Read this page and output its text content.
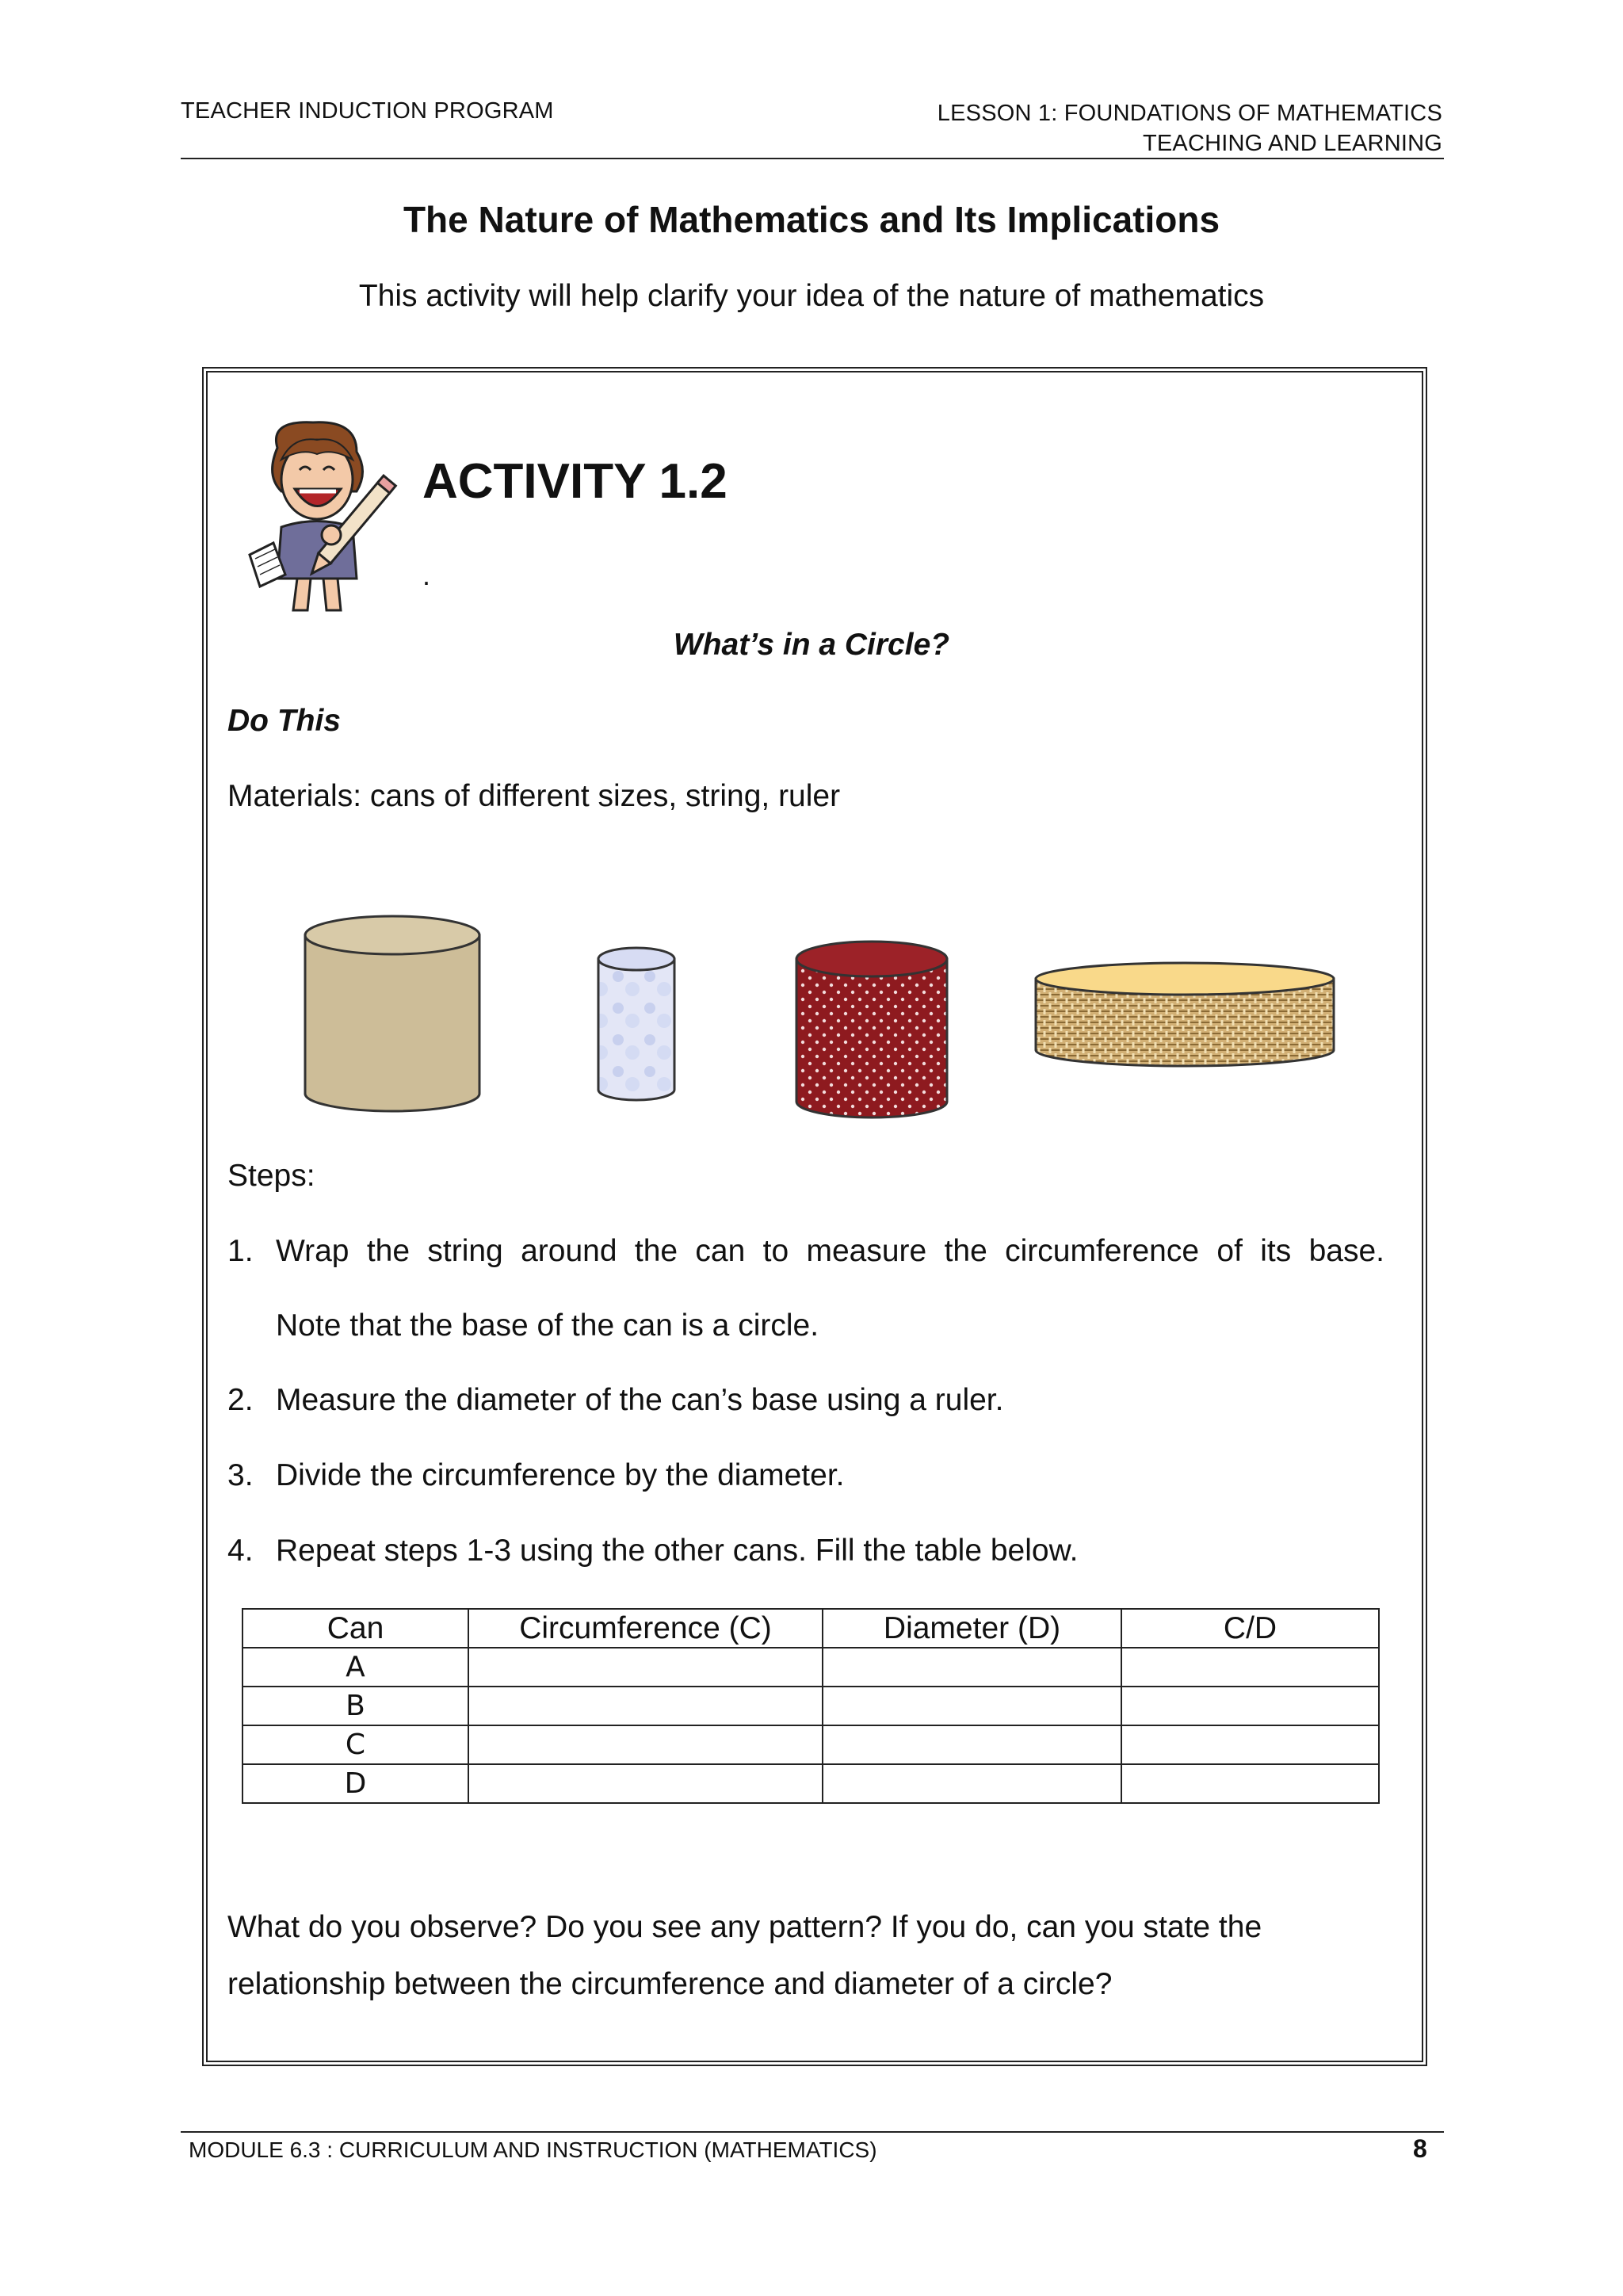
TEACHER INDUCTION PROGRAM	LESSON 1: FOUNDATIONS OF MATHEMATICS
TEACHING AND LEARNING
The Nature of Mathematics and Its Implications
This activity will help clarify your idea of the nature of mathematics
ACTIVITY 1.2
.
What’s in a Circle?
Do This
Materials: cans of different sizes, string, ruler
Steps:
1. Wrap the string around the can to measure the circumference of its base.
Note that the base of the can is a circle.
2. Measure the diameter of the can’s base using a ruler.
3. Divide the circumference by the diameter.
4. Repeat steps 1-3 using the other cans. Fill the table below.
Can	Circumference (C)	Diameter (D)	C/D
A			
B			
C			
D			
What do you observe? Do you see any pattern? If you do, can you state the relationship between the circumference and diameter of a circle?
MODULE 6.3 : CURRICULUM AND INSTRUCTION (MATHEMATICS)	8
